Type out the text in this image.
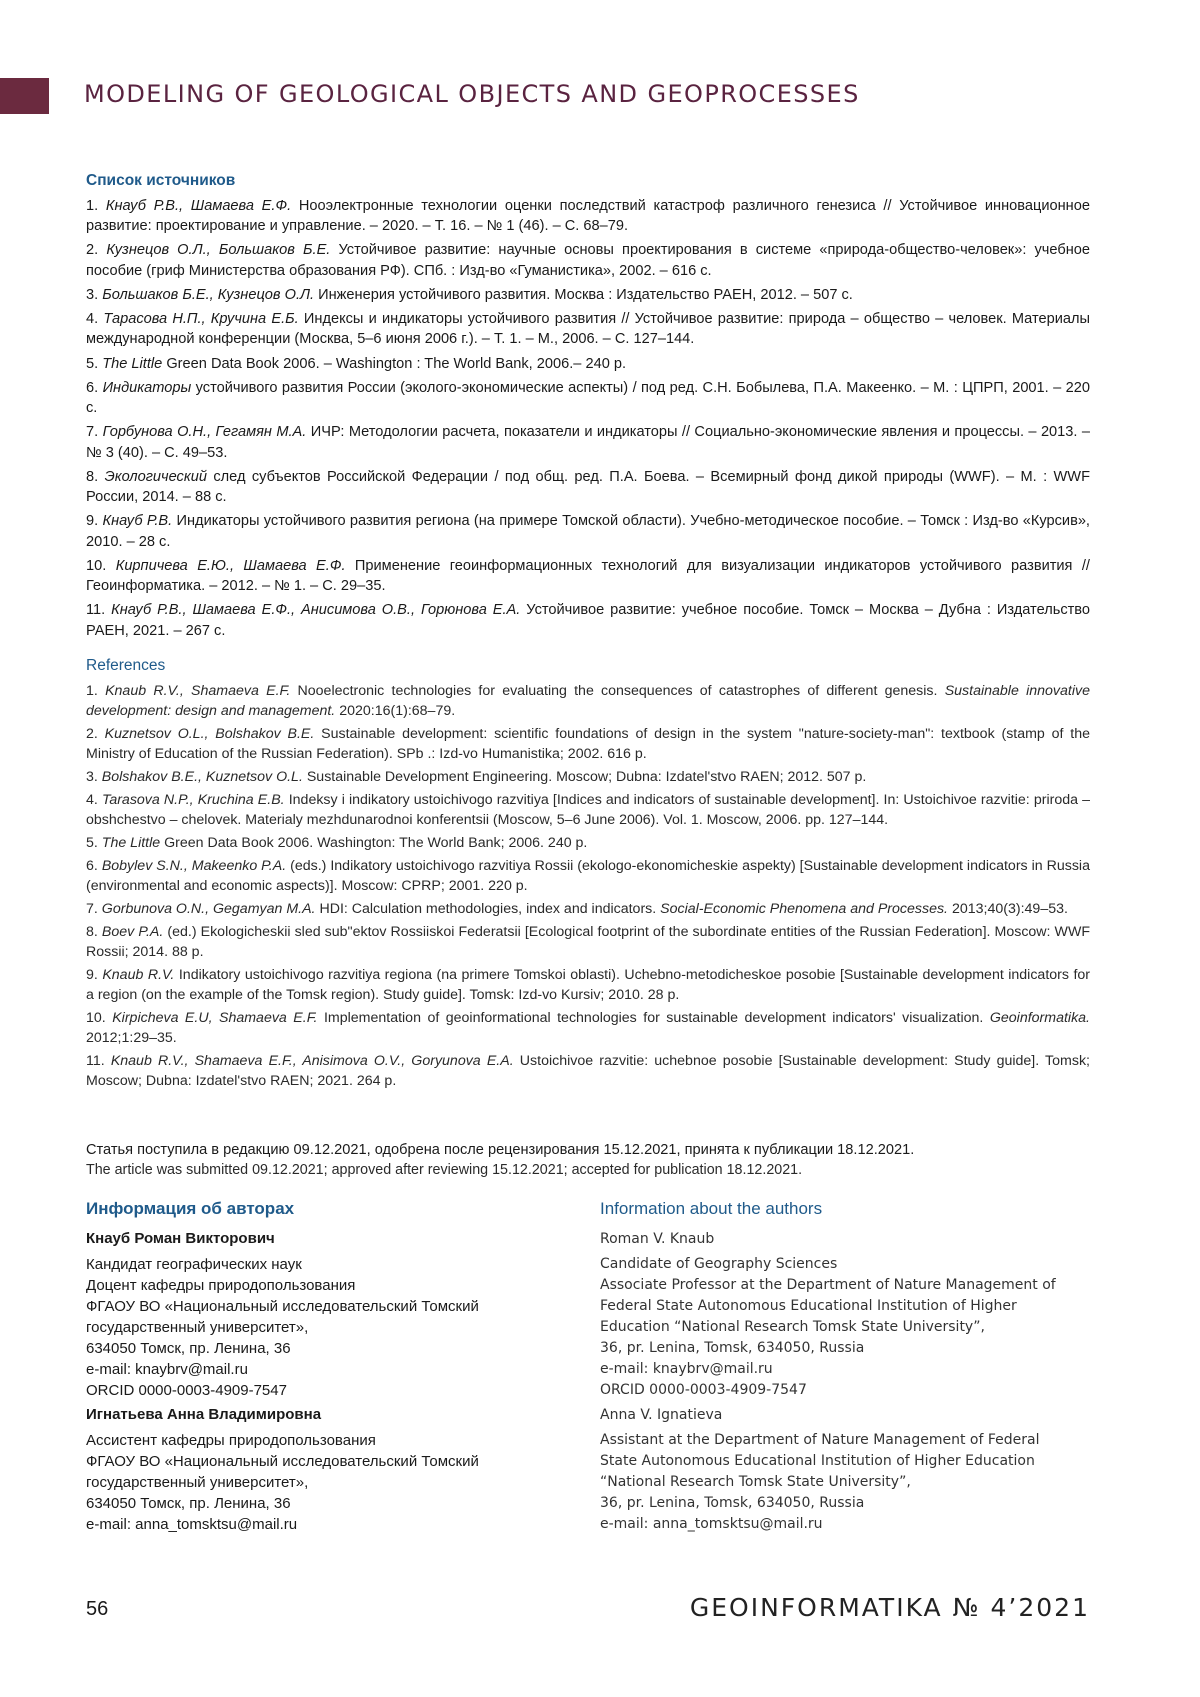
MODELING OF GEOLOGICAL OBJECTS AND GEOPROCESSES
Список источников
1. Кнауб Р.В., Шамаева Е.Ф. Нооэлектронные технологии оценки последствий катастроф различного генезиса // Устойчивое инновационное развитие: проектирование и управление. – 2020. – Т. 16. – № 1 (46). – С. 68–79.
2. Кузнецов О.Л., Большаков Б.Е. Устойчивое развитие: научные основы проектирования в системе «природа-общество-человек»: учебное пособие (гриф Министерства образования РФ). СПб. : Изд-во «Гуманистика», 2002. – 616 с.
3. Большаков Б.Е., Кузнецов О.Л. Инженерия устойчивого развития. Москва : Издательство РАЕН, 2012. – 507 с.
4. Тарасова Н.П., Кручина Е.Б. Индексы и индикаторы устойчивого развития // Устойчивое развитие: природа – общество – человек. Материалы международной конференции (Москва, 5–6 июня 2006 г.). – Т. 1. – М., 2006. – С. 127–144.
5. The Little Green Data Book 2006. – Washington : The World Bank, 2006.– 240 p.
6. Индикаторы устойчивого развития России (эколого-экономические аспекты) / под ред. С.Н. Бобылева, П.А. Макеенко. – М. : ЦПРП, 2001. – 220 с.
7. Горбунова О.Н., Гегамян М.А. ИЧР: Методологии расчета, показатели и индикаторы // Социально-экономические явления и процессы. – 2013. – № 3 (40). – С. 49–53.
8. Экологический след субъектов Российской Федерации / под общ. ред. П.А. Боева. – Всемирный фонд дикой природы (WWF). – М. : WWF России, 2014. – 88 с.
9. Кнауб Р.В. Индикаторы устойчивого развития региона (на примере Томской области). Учебно-методическое пособие. – Томск : Изд-во «Курсив», 2010. – 28 с.
10. Кирпичева Е.Ю., Шамаева Е.Ф. Применение геоинформационных технологий для визуализации индикаторов устойчивого развития // Геоинформатика. – 2012. – № 1. – С. 29–35.
11. Кнауб Р.В., Шамаева Е.Ф., Анисимова О.В., Горюнова Е.А. Устойчивое развитие: учебное пособие. Томск – Москва – Дубна : Издательство РАЕН, 2021. – 267 с.
References
1. Knaub R.V., Shamaeva E.F. Nooelectronic technologies for evaluating the consequences of catastrophes of different genesis. Sustainable innovative development: design and management. 2020:16(1):68–79.
2. Kuznetsov O.L., Bolshakov B.E. Sustainable development: scientific foundations of design in the system "nature-society-man": textbook (stamp of the Ministry of Education of the Russian Federation). SPb .: Izd-vo Humanistika; 2002. 616 p.
3. Bolshakov B.E., Kuznetsov O.L. Sustainable Development Engineering. Moscow; Dubna: Izdatel'stvo RAEN; 2012. 507 p.
4. Tarasova N.P., Kruchina E.B. Indeksy i indikatory ustoichivogo razvitiya [Indices and indicators of sustainable development]. In: Ustoichivoe razvitie: priroda – obshchestvo – chelovek. Materialy mezhdunarodnoi konferentsii (Moscow, 5–6 June 2006). Vol. 1. Moscow, 2006. pp. 127–144.
5. The Little Green Data Book 2006. Washington: The World Bank; 2006. 240 p.
6. Bobylev S.N., Makeenko P.A. (eds.) Indikatory ustoichivogo razvitiya Rossii (ekologo-ekonomicheskie aspekty) [Sustainable development indicators in Russia (environmental and economic aspects)]. Moscow: CPRP; 2001. 220 p.
7. Gorbunova O.N., Gegamyan M.A. HDI: Calculation methodologies, index and indicators. Social-Economic Phenomena and Processes. 2013;40(3):49–53.
8. Boev P.A. (ed.) Ekologicheskii sled sub"ektov Rossiiskoi Federatsii [Ecological footprint of the subordinate entities of the Russian Federation]. Moscow: WWF Rossii; 2014. 88 p.
9. Knaub R.V. Indikatory ustoichivogo razvitiya regiona (na primere Tomskoi oblasti). Uchebno-metodicheskoe posobie [Sustainable development indicators for a region (on the example of the Tomsk region). Study guide]. Tomsk: Izd-vo Kursiv; 2010. 28 p.
10. Kirpicheva E.U, Shamaeva E.F. Implementation of geoinformational technologies for sustainable development indicators' visualization. Geoinformatika. 2012;1:29–35.
11. Knaub R.V., Shamaeva E.F., Anisimova O.V., Goryunova E.A. Ustoichivoe razvitie: uchebnoe posobie [Sustainable development: Study guide]. Tomsk; Moscow; Dubna: Izdatel'stvo RAEN; 2021. 264 p.
Статья поступила в редакцию 09.12.2021, одобрена после рецензирования 15.12.2021, принята к публикации 18.12.2021.
The article was submitted 09.12.2021; approved after reviewing 15.12.2021; accepted for publication 18.12.2021.
Информация об авторах
Кнауб Роман Викторович
Кандидат географических наук
Доцент кафедры природопользования
ФГАОУ ВО «Национальный исследовательский Томский государственный университет»,
634050 Томск, пр. Ленина, 36
e-mail: knaybrv@mail.ru
ORCID 0000-0003-4909-7547
Игнатьева Анна Владимировна
Ассистент кафедры природопользования
ФГАОУ ВО «Национальный исследовательский Томский государственный университет»,
634050 Томск, пр. Ленина, 36
e-mail: anna_tomsktsu@mail.ru
Information about the authors
Roman V. Knaub
Candidate of Geography Sciences
Associate Professor at the Department of Nature Management of Federal State Autonomous Educational Institution of Higher Education “National Research Tomsk State University”,
36, pr. Lenina, Tomsk, 634050, Russia
e-mail: knaybrv@mail.ru
ORCID 0000-0003-4909-7547
Anna V. Ignatieva
Assistant at the Department of Nature Management of Federal State Autonomous Educational Institution of Higher Education “National Research Tomsk State University”,
36, pr. Lenina, Tomsk, 634050, Russia
e-mail: anna_tomsktsu@mail.ru
56	GEOINFORMATIKA № 4’2021
